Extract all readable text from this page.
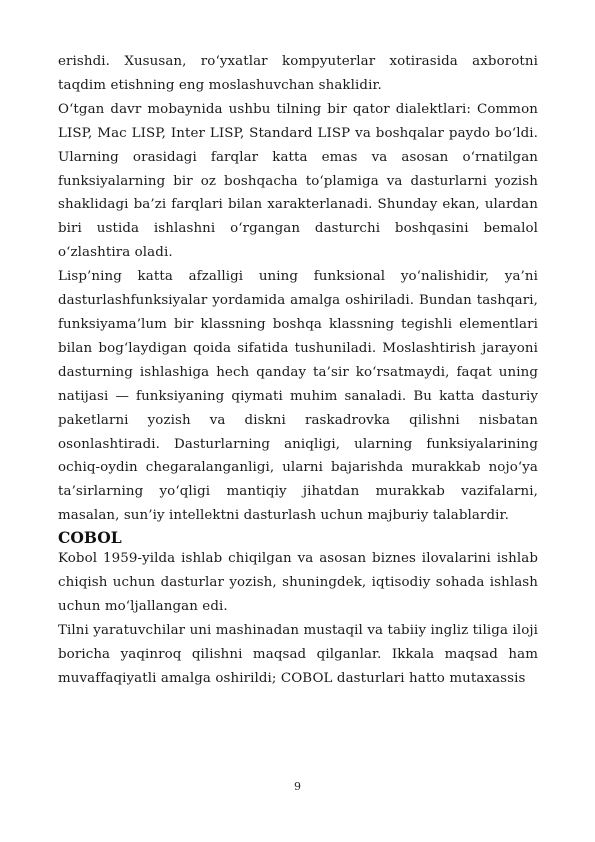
erishdi. Xususan, ro‘yxatlar kompyuterlar xotirasida axborotni taqdim etishning eng moslashuvchan shaklidir.

O‘tgan davr mobaynida ushbu tilning bir qator dialektlari: Common LISP, Mac LISP, Inter LISP, Standard LISP va boshqalar paydo bo‘ldi. Ularning orasidagi farqlar katta emas va asosan o‘rnatilgan funksiyalarning bir oz boshqacha to‘plamiga va dasturlarni yozish shaklidagi ba’zi farqlari bilan xarakterlanadi. Shunday ekan, ulardan biri ustida ishlashni o‘rgangan dasturchi boshqasini bemalol o‘zlashtira oladi.

Lisp’ning katta afzalligi uning funksional yo‘nalishidir, ya’ni dasturlashfunksiyalar yordamida amalga oshiriladi. Bundan tashqari, funksiyama’lum bir klassning boshqa klassning tegishli elementlari bilan bog‘laydigan qoida sifatida tushuniladi. Moslashtirish jarayoni dasturning ishlashiga hech qanday ta’sir ko‘rsatmaydi, faqat uning natijasi — funksiyaning qiymati muhim sanaladi. Bu katta dasturiy paketlarni yozish va diskni raskadrovka qilishni nisbatan osonlashtiradi. Dasturlarning aniqligi, ularning funksiyalarining ochiq-oydin chegaralanganligi, ularni bajarishda murakkab nojo‘ya ta’sirlarning yo‘qligi mantiqiy jihatdan murakkab vazifalarni, masalan, sun’iy intellektni dasturlash uchun majburiy talablardir.

COBOL

Kobol 1959-yilda ishlab chiqilgan va asosan biznes ilovalarini ishlab chiqish uchun dasturlar yozish, shuningdek, iqtisodiy sohada ishlash uchun mo‘ljallangan edi.

Tilni yaratuvchilar uni mashinadan mustaqil va tabiiy ingliz tiliga iloji boricha yaqinroq qilishni maqsad qilganlar. Ikkala maqsad ham muvaffaqiyatli amalga oshirildi; COBOL dasturlari hatto mutaxassis

9
